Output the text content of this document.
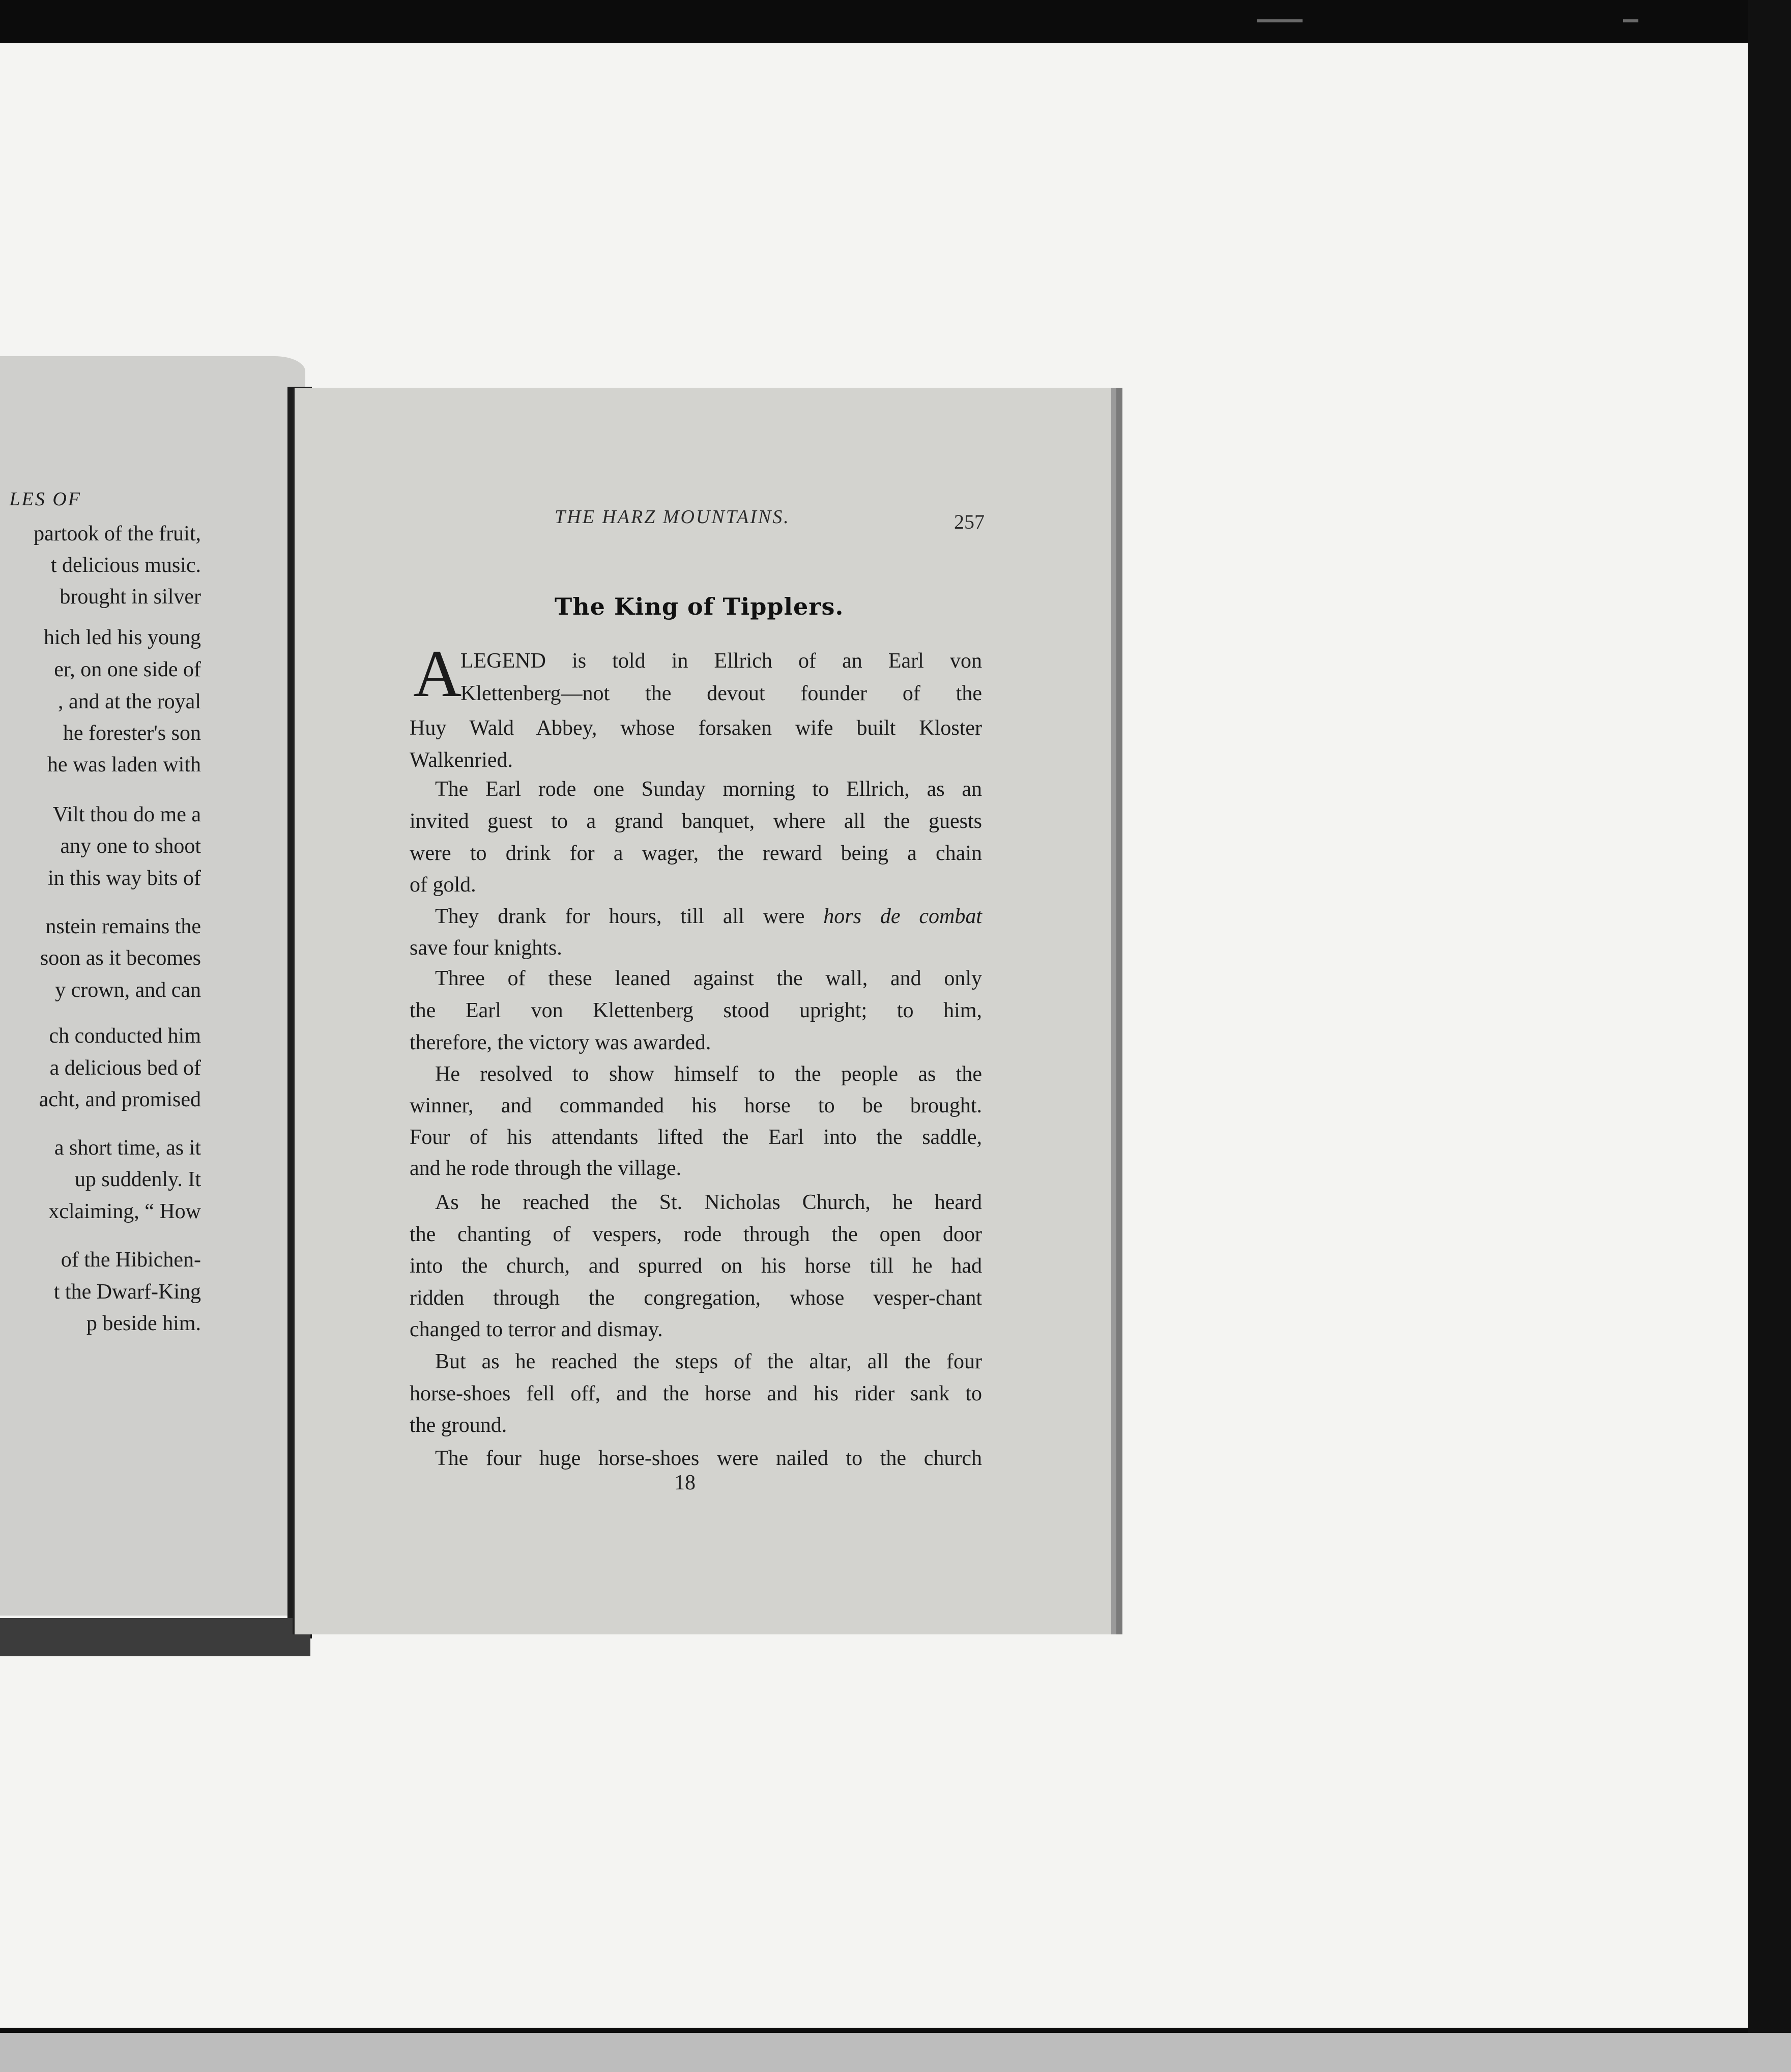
LES OF
partook of the fruit,
t delicious music.
brought in silver
hich led his young
er, on one side of
, and at the royal
he forester's son
he was laden with
Vilt thou do me a
any one to shoot
in this way bits of
nstein remains the
soon as it becomes
y crown, and can
ch conducted him
a delicious bed of
acht, and promised
a short time, as it
up suddenly. It
xclaiming, “ How
of the Hibichen-
t the Dwarf-King
p beside him.
THE HARZ MOUNTAINS.	257
The King of Tipplers.
A
LEGEND is told in Ellrich of an Earl von
Klettenberg—not the devout founder of the
Huy Wald Abbey, whose forsaken wife built Kloster
Walkenried.
The Earl rode one Sunday morning to Ellrich, as an
invited guest to a grand banquet, where all the guests
were to drink for a wager, the reward being a chain
of gold.
They drank for hours, till all were hors de combat
save four knights.
Three of these leaned against the wall, and only
the Earl von Klettenberg stood upright; to him,
therefore, the victory was awarded.
He resolved to show himself to the people as the
winner, and commanded his horse to be brought.
Four of his attendants lifted the Earl into the saddle,
and he rode through the village.
As he reached the St. Nicholas Church, he heard
the chanting of vespers, rode through the open door
into the church, and spurred on his horse till he had
ridden through the congregation, whose vesper-chant
changed to terror and dismay.
But as he reached the steps of the altar, all the four
horse-shoes fell off, and the horse and his rider sank to
the ground.
The four huge horse-shoes were nailed to the church
18
